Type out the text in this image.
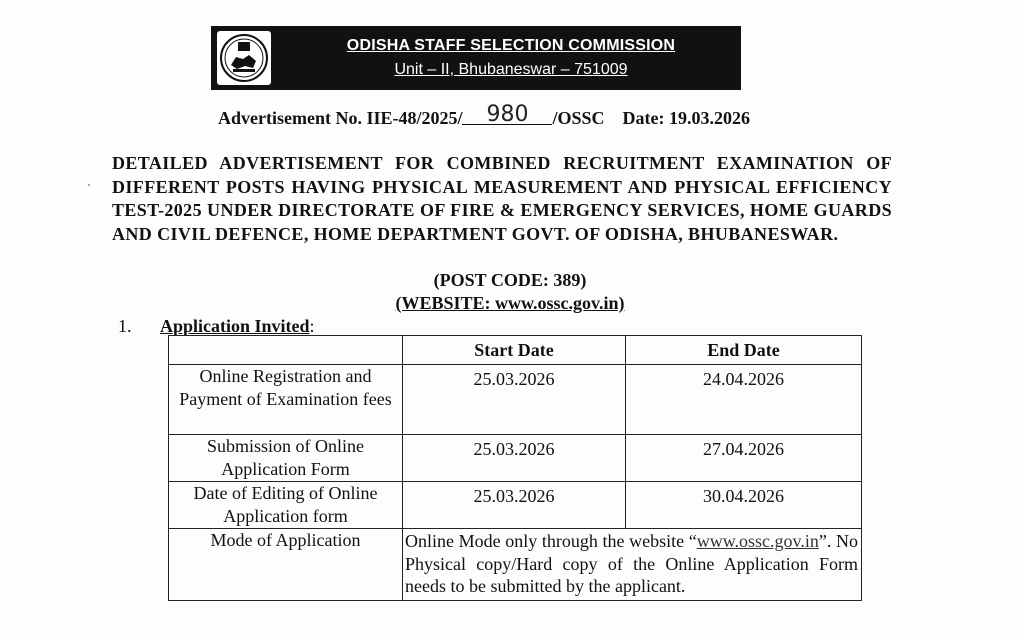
ODISHA STAFF SELECTION COMMISSION
Unit – II, Bhubaneswar – 751009
Advertisement No. IIE-48/2025/ 980 /OSSC Date: 19.03.2026
DETAILED ADVERTISEMENT FOR COMBINED RECRUITMENT EXAMINATION OF DIFFERENT POSTS HAVING PHYSICAL MEASUREMENT AND PHYSICAL EFFICIENCY TEST-2025 UNDER DIRECTORATE OF FIRE & EMERGENCY SERVICES, HOME GUARDS AND CIVIL DEFENCE, HOME DEPARTMENT GOVT. OF ODISHA, BHUBANESWAR.
(POST CODE: 389)
(WEBSITE: www.ossc.gov.in)
1. Application Invited:
	Start Date	End Date
Online Registration and Payment of Examination fees	25.03.2026	24.04.2026
Submission of Online Application Form	25.03.2026	27.04.2026
Date of Editing of Online Application form	25.03.2026	30.04.2026
Mode of Application	Online Mode only through the website “www.ossc.gov.in”. No Physical copy/Hard copy of the Online Application Form needs to be submitted by the applicant.	
